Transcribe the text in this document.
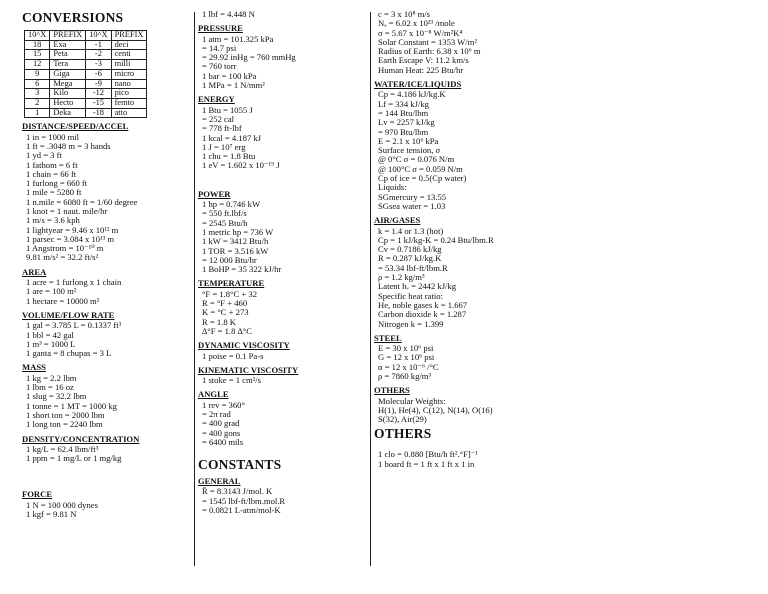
CONVERSIONS
10^X	PREFIX	10^X	PREFIX
18	Exa	-1	deci
15	Peta	-2	centi
12	Tera	-3	milli
9	Giga	-6	micro
6	Mega	-9	nano
3	Kilo	-12	pico
2	Hecto	-15	femto
1	Deka	-18	atto
DISTANCE/SPEED/ACCEL
1 in = 1000 mil
1 ft = .3048 m = 3 hands
1 yd = 3 ft
1 fathom = 6 ft
1 chain = 66 ft
1 furlong = 660 ft
1 mile = 5280 ft
1 n.mile = 6080 ft = 1/60 degree
1 knot = 1 naut. mile/hr
1 m/s = 3.6 kph
1 lightyear = 9.46 x 10¹² m
1 parsec = 3.084 x 10¹³ m
1 Angstrom = 10⁻¹⁰ m
9.81 m/s² = 32.2 ft/s²
AREA
1 acre = 1 furlong x 1 chain
1 are = 100 m²
1 hectare = 10000 m²
VOLUME/FLOW RATE
1 gal = 3.785 L = 0.1337 ft³
1 bbl = 42 gal
1 m³ = 1000 L
1 ganta = 8 chupas = 3 L
MASS
1 kg = 2.2 lbm
1 lbm = 16 oz
1 slug = 32.2 lbm
1 tonne = 1 MT = 1000 kg
1 short ton = 2000 lbm
1 long ton = 2240 lbm
DENSITY/CONCENTRATION
1 kg/L = 62.4 lbm/ft³
1 ppm = 1 mg/L or 1 mg/kg
FORCE
1 N = 100 000 dynes
1 kgf = 9.81 N
1 lbf = 4.448 N
PRESSURE
1 atm = 101.325 kPa
= 14.7 psi
= 29.92 inHg = 760 mmHg
= 760 torr
1 bar = 100 kPa
1 MPa = 1 N/mm²
ENERGY
1 Btu = 1055 J
= 252 cal
= 778 ft-lbf
1 kcal = 4.187 kJ
1 J = 10⁷ erg
1 chu = 1.8 Btu
1 eV = 1.602 x 10⁻¹⁹ J
POWER
1 hp = 0.746 kW
= 550 ft.lbf/s
= 2545 Btu/h
1 metric hp = 736 W
1 kW = 3412 Btu/h
1 TOR = 3.516 kW
= 12 000 Btu/hr
1 BoHP = 35 322 kJ/hr
TEMPERATURE
°F = 1.8°C + 32
R = °F + 460
K = °C + 273
R = 1.8 K
∆°F = 1.8 ∆°C
DYNAMIC VISCOSITY
1 poise = 0.1 Pa-s
KINEMATIC VISCOSITY
1 stoke = 1 cm²/s
ANGLE
1 rev = 360°
= 2π rad
= 400 grad
= 400 gons
= 6400 mils
CONSTANTS
GENERAL
R̄ = 8.3143 J/mol. K
= 1545 lbf-ft/lbm.mol.R
= 0.0821 L-atm/mol-K
c = 3 x 10⁸ m/s
Nₐ = 6.02 x 10²³ /mole
σ = 5.67 x 10⁻⁸ W/m²K⁴
Solar Constant = 1353 W/m²
Radius of Earth: 6.38 x 10⁶ m
Earth Escape V: 11.2 km/s
Human Heat: 225 Btu/hr
WATER/ICE/LIQUIDS
Cp = 4.186 kJ/kg.K
Lf = 334 kJ/kg
= 144 Btu/lbm
Lv = 2257 kJ/kg
= 970 Btu/lbm
E = 2.1 x 10⁶ kPa
Surface tension, σ
@ 0°C σ = 0.076 N/m
@ 100°C σ = 0.059 N/m
Cp of ice = 0.5(Cp water)
Liquids:
SGmercury = 13.55
SGsea water = 1.03
AIR/GASES
k = 1.4 or 1.3 (hot)
Cp = 1 kJ/kg-K = 0.24 Btu/lbm.R
Cv = 0.7186 kJ/kg
R = 0.287 kJ/kg.K
= 53.34 lbf-ft/lbm.R
ρ = 1.2 kg/m³
Latent hᵥ = 2442 kJ/kg
Specific heat ratio:
He, noble gases k = 1.667
Carbon dioxide k = 1.287
Nitrogen k = 1.399
STEEL
E = 30 x 10⁶ psi
G = 12 x 10⁶ psi
α = 12 x 10⁻⁶ /°C
ρ = 7860 kg/m³
OTHERS
Molecular Weights:
H(1), He(4), C(12), N(14), O(16)
S(32), Air(29)
OTHERS
1 clo = 0.880 [Btu/h ft².°F]⁻¹
1 board ft = 1 ft x 1 ft x 1 in
